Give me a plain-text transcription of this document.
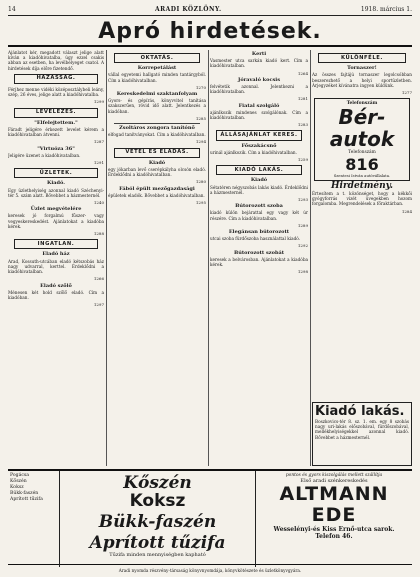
14	ARADI KÖZLÖNY.	1918. március 1.
Apró hirdetések.

Ajánlatot kér, megadott választ jelige alatt kíván a kiadóhivatalba, úgy ezzel csakis abban az esetben, ha levélbélyeget csatol. A hirdetések díja előre fizetendő.

HÁZASSÁG.

Férjhez menne vidéki középosztálybeli leány, szép, 26 éves, jelige alatt a kiadóhivatalba.

1299
LEVELEZÉS.
"Elfelejtettem."

Fáradt jeligére érkezett levelet kérem a kiadóhivatalban átvenni.

1287
"Virtuóza 36"

Jeligére üzenet a kiadóhivatalban.

1291
ÜZLETEK.
Kiadó.

Egy üzlethelyiség azonnal kiadó Széchenyi-tér 5. szám alatt. Bővebbet a házmesternél.

1240
Üzlet megvételére

keresek jó forgalmú fűszer- vagy vegyeskereskedést. Ajánlatokat a kiadóba kérek.

1288
INGATLAN.
Eladó ház

Arad, Kossuth-utcában eladó kétszobás ház nagy udvarral, kerttel. Érdeklődni a kiadóhivatalban.

1266
Eladó szőlő

Ménesen két hold szőlő eladó. Cím a kiadóban.

1297
OKTATÁS.
Korrepetálást

vállal egyetemi hallgató minden tantárgyból. Cím a kiadóhivatalban.

1270
Kereskedelmi szaktanfolyam

Gyors- és gépírás, könyvvitel tanítása szakszerűen, rövid idő alatt. Jelentkezés a kiadóban.

1285
Zsoltáros zongora tanítónő

elfogad tanítványokat. Cím a kiadóhivatalban.

1294
VÉTEL ÉS ELADÁS.
Kiadó

egy jókarban levő cserépkályha olcsón eladó. Érdeklődni a kiadóhivatalban.

1280
Fából épült mezőgazdasági

épületek eladók. Bővebbet a kiadóhivatalban.

1295
Kerti

Vasmester utca sarkán kiadó kert. Cím a kiadóhivatalban.

1264
Jóravaló kocsis

felvétetik azonnal. Jelentkezni a kiadóhivatalban.

1281
Fiatal szolgáló

ajánlkozik mindenes szolgálónak. Cím a kiadóhivatalban.

1283
ÁLLÁSAJÁNLAT KERES.
Főszakácsnő

urinál ajánlkozik. Cím a kiadóhivatalban.

1259
KIADÓ LAKÁS.
Kiadó

Sétatéren négyszobás lakás kiadó. Érdeklődni a házmesternél.

1293
Bútorozott szoba

kiadó külön bejárattal egy vagy két úr részére. Cím a kiadóhivatalban.

1289
Elegánsan bútorozott

utcai szoba fürdőszoba használattal kiadó.

1292
Bútorozott szobát

keresek a belvárosban. Ajánlatokat a kiadóba kérek.

1298
KÜLÖNFÉLE.
Tornaszer!

Az összes fajtájú tornaszer legolcsóbban beszerezhető a helyi sportüzletben. Árjegyzéket kívánatra ingyen küldünk.

1277
Telefonszám
Bér-autok
Telefonszám
816
Szentesi István autóvállalata.
Hirdetmény.

Értesítem a t. közönséget, hogy a kékkői gyógyforrás vizét üvegekben hozom forgalomba. Megrendelések a főraktárban.

1284
Kiadó lakás.

Boszkovics-tér 8. sz. 1. em. egy 8 szobás nagy uri-lakás előszobával, fürdőszobával, mellékhelyiségekkel azonnal kiadó. Bővebbet a házmesternél.

Pogácsa
Kőszén
Koksz
Bükk-faszén
Aprított tűzifa
Kőszén
Koksz
Bükk-faszén
Aprított tűzifa
Tűzifa minden mennyiségben kapható
pontos és gyors kiszolgálás mellett szállítja
Első aradi szénkereskedés
ALTMANN EDE
Wesselényi-és Kiss Ernő-utca sarok.
Telefon 46.
Aradi nyomda részvény-társaság könyvnyomdája, könyvkötészete és üzletkönyvgyára.
